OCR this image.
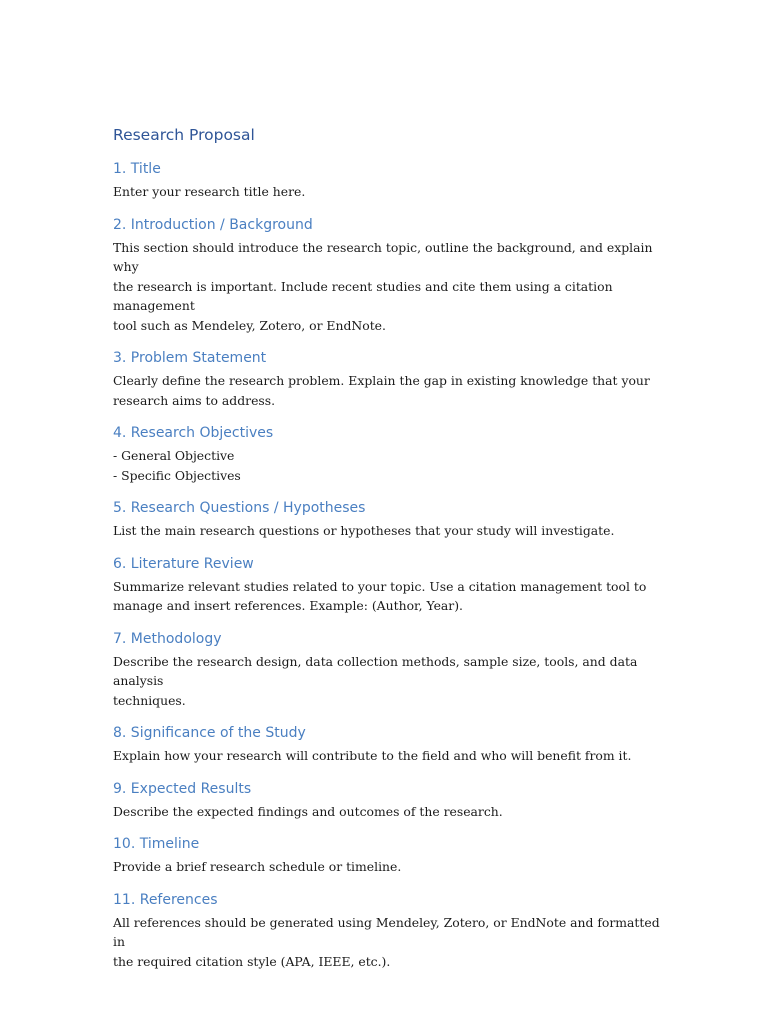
Research Proposal
1. Title

Enter your research title here.

2. Introduction / Background

This section should introduce the research topic, outline the background, and explain why
the research is important. Include recent studies and cite them using a citation management
tool such as Mendeley, Zotero, or EndNote.

3. Problem Statement

Clearly define the research problem. Explain the gap in existing knowledge that your
research aims to address.

4. Research Objectives

- General Objective
- Specific Objectives

5. Research Questions / Hypotheses

List the main research questions or hypotheses that your study will investigate.

6. Literature Review

Summarize relevant studies related to your topic. Use a citation management tool to
manage and insert references. Example: (Author, Year).

7. Methodology

Describe the research design, data collection methods, sample size, tools, and data analysis
techniques.

8. Significance of the Study

Explain how your research will contribute to the field and who will benefit from it.

9. Expected Results

Describe the expected findings and outcomes of the research.

10. Timeline

Provide a brief research schedule or timeline.

11. References

All references should be generated using Mendeley, Zotero, or EndNote and formatted in
the required citation style (APA, IEEE, etc.).
